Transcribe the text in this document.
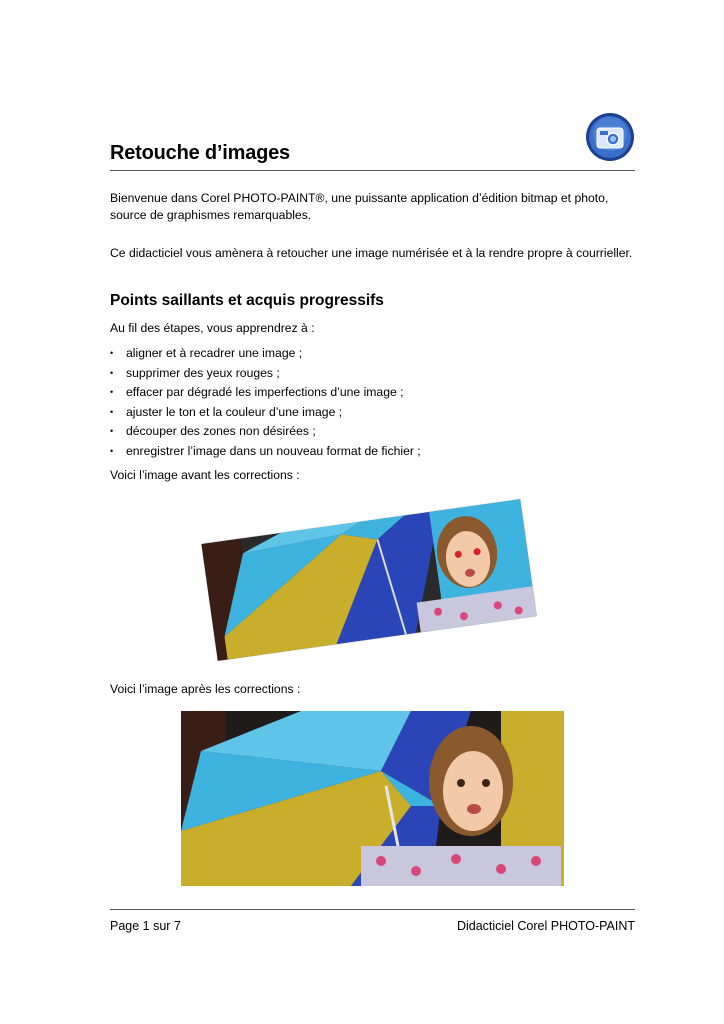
Retouche d’images

Bienvenue dans Corel PHOTO-PAINT®, une puissante application d’édition bitmap et photo, source de graphismes remarquables.

Ce didacticiel vous amènera à retoucher une image numérisée et à la rendre propre à courrieller.

Points saillants et acquis progressifs
Au fil des étapes, vous apprendrez à :
• aligner et à recadrer une image ;
• supprimer des yeux rouges ;
• effacer par dégradé les imperfections d’une image ;
• ajuster le ton et la couleur d’une image ;
• découper des zones non désirées ;
• enregistrer l’image dans un nouveau format de fichier ;
Voici l’image avant les corrections :
Voici l’image après les corrections :
Page 1 sur 7	Didacticiel Corel PHOTO-PAINT
